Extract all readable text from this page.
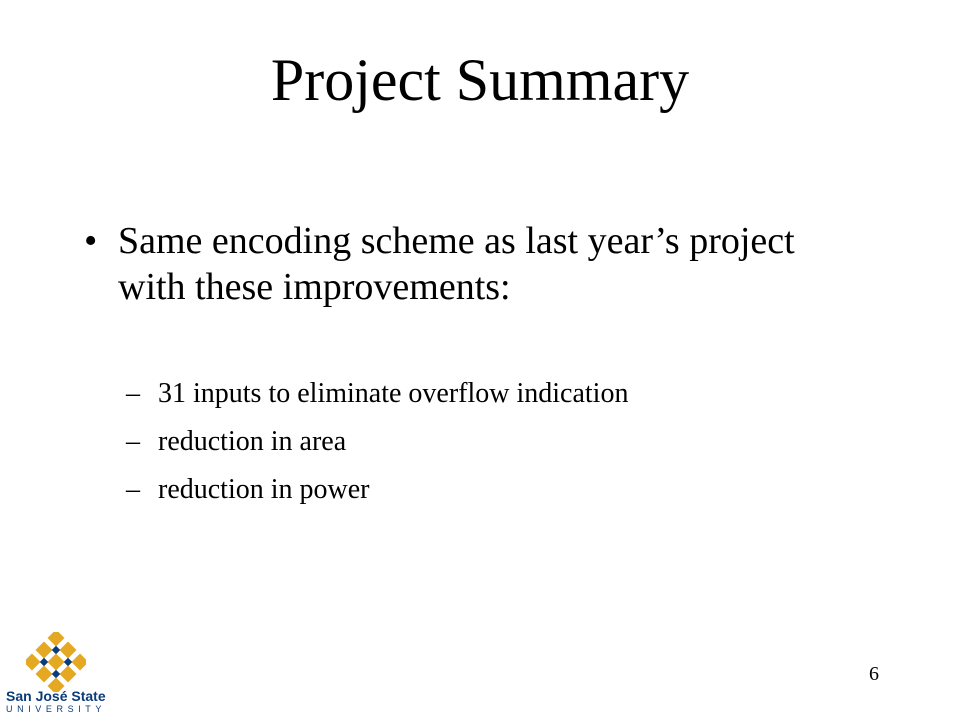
Project Summary
• Same encoding scheme as last year’s project with these improvements:
– 31 inputs to eliminate overflow indication
– reduction in area
– reduction in power
6
San José State
UNIVERSITY
